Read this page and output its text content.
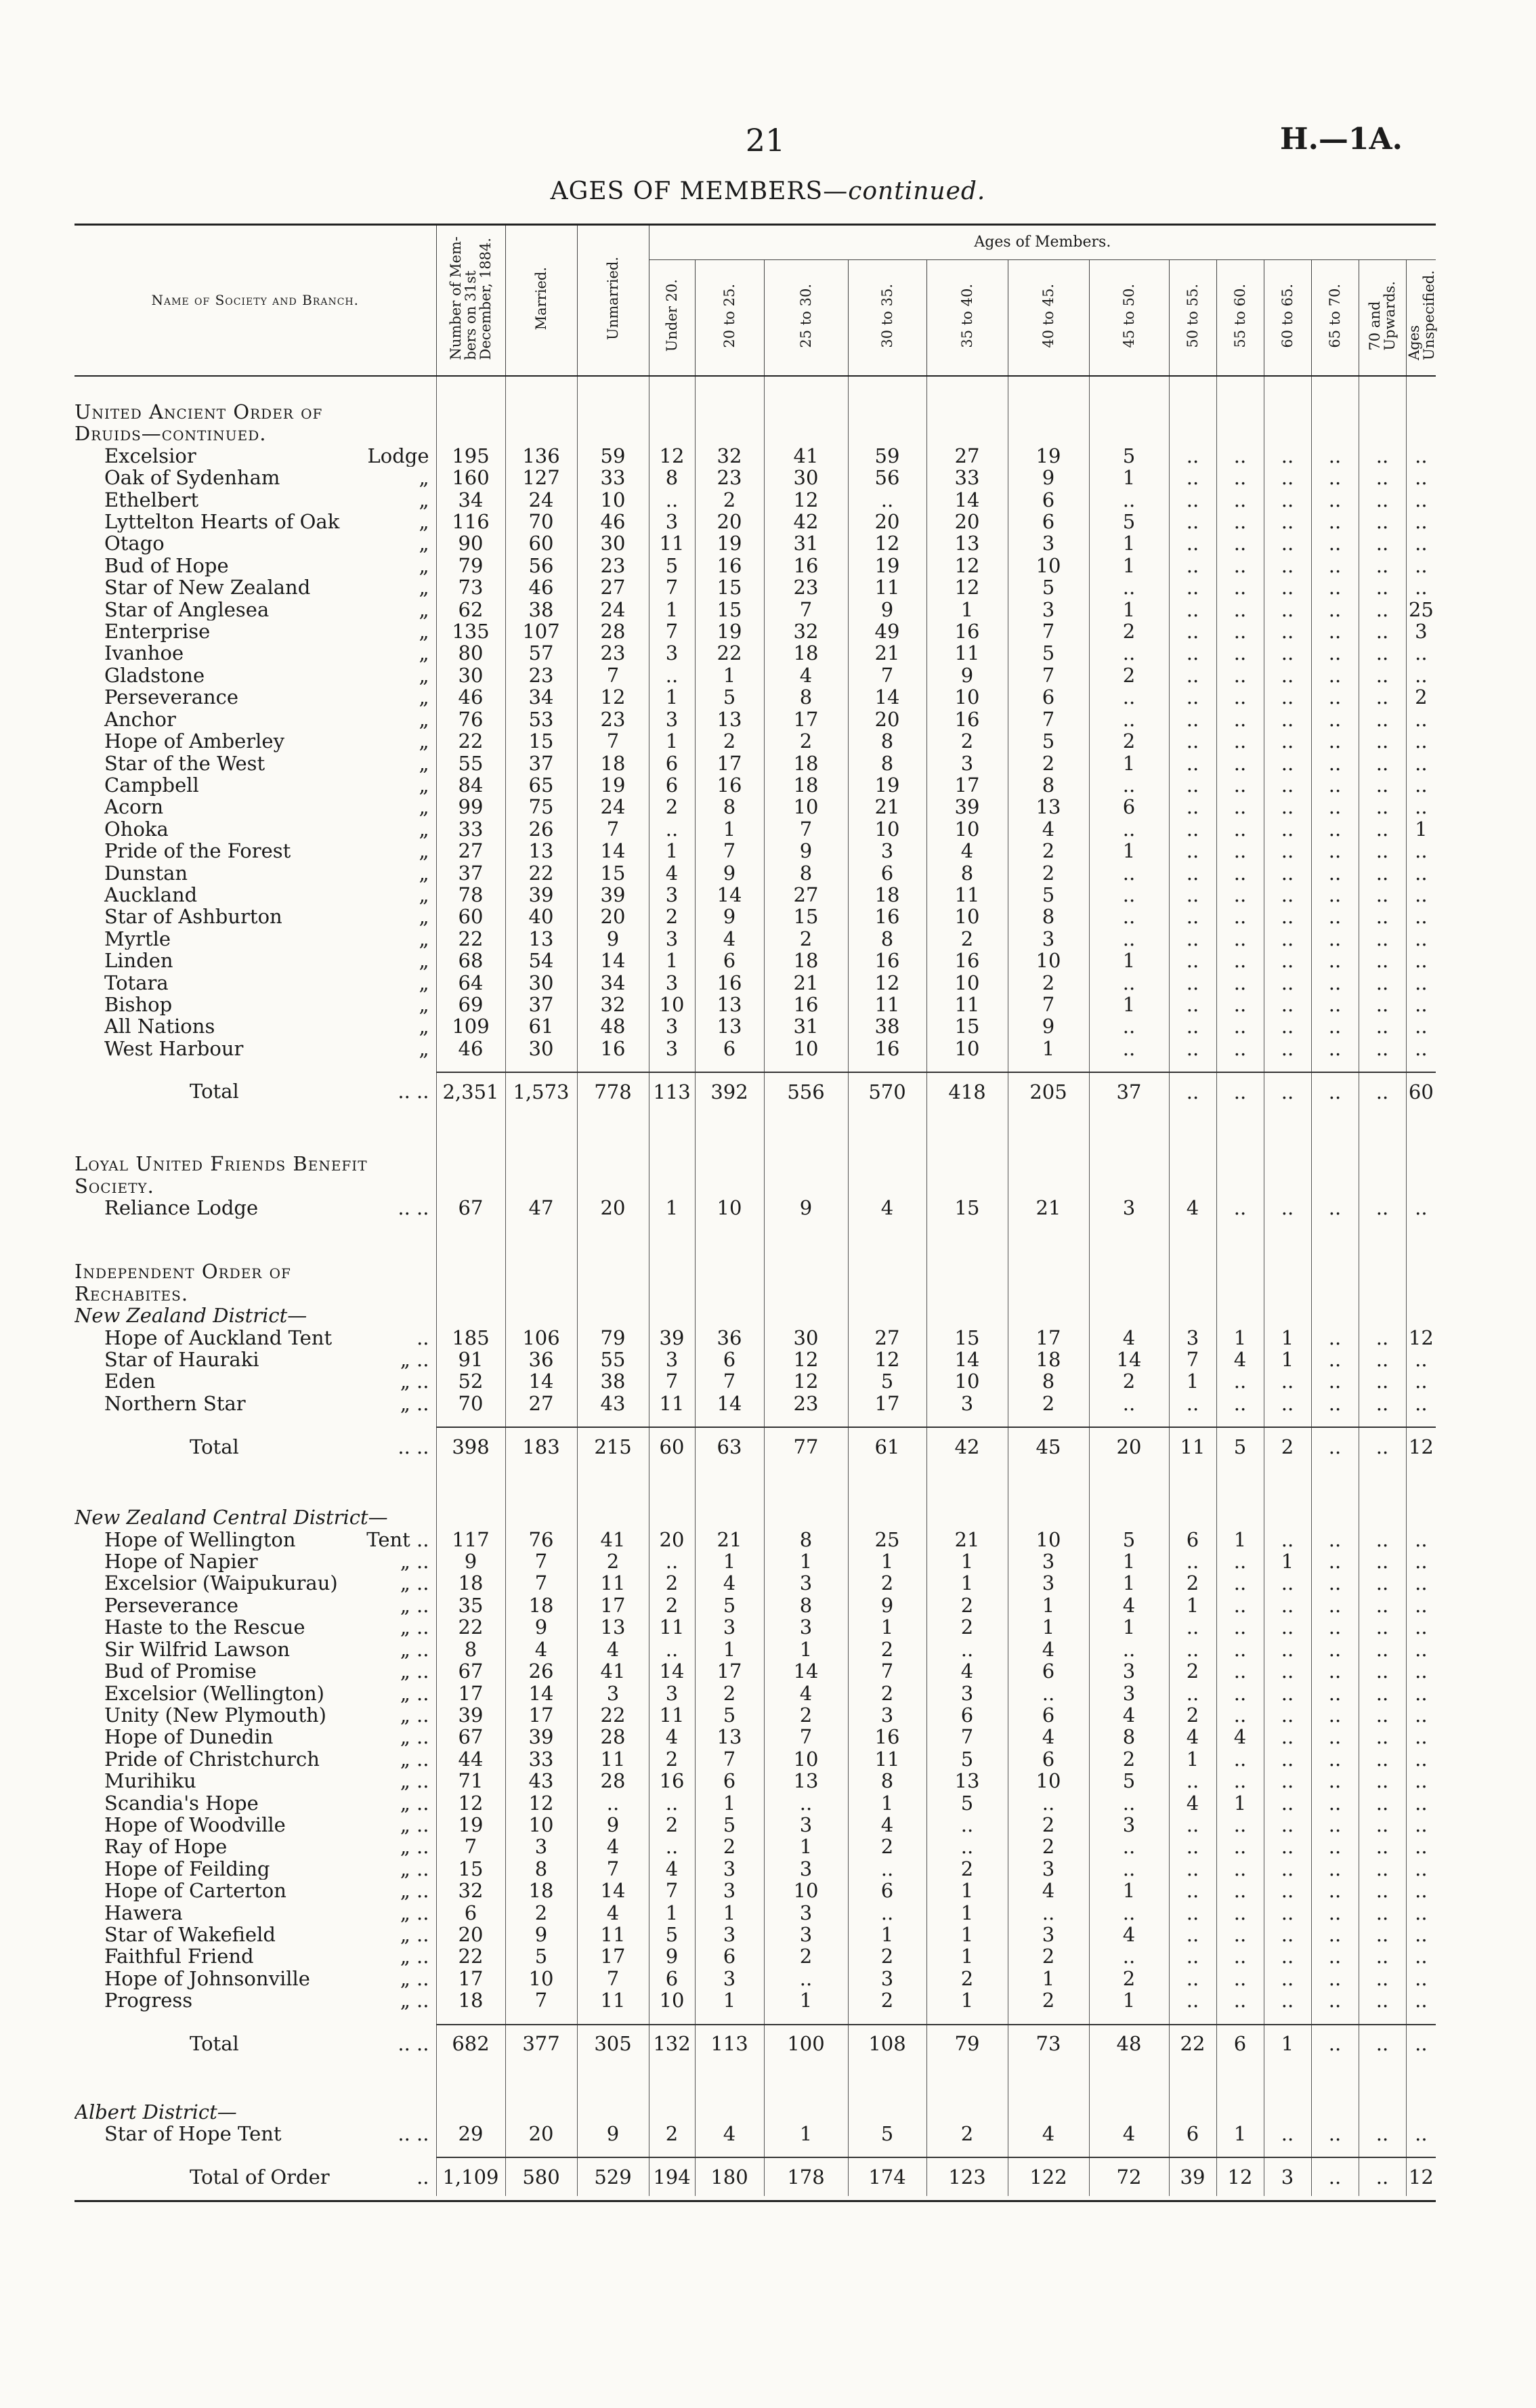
21	H.—1A.
AGES OF MEMBERS—continued.
Name of Society and Branch.	Number of Mem-
bers on 31st
December, 1884.	Married.	Unmarried.	Ages of Members.												
				Under 20.	20 to 25.	25 to 30.	30 to 35.	35 to 40.	40 to 45.	45 to 50.	50 to 55.	55 to 60.	60 to 65.	65 to 70.	70 and
Upwards.	Ages
Unspecified.

United Ancient Order of																
Druids—continued.																

Excelsior Lodge	195	136	59	12	32	41	59	27	19	5	..	..	..	..	..	..

Oak of Sydenham „	160	127	33	8	23	30	56	33	9	1	..	..	..	..	..	..

Ethelbert „	34	24	10	..	2	12	..	14	6	..	..	..	..	..	..	..

Lyttelton Hearts of Oak „	116	70	46	3	20	42	20	20	6	5	..	..	..	..	..	..

Otago „	90	60	30	11	19	31	12	13	3	1	..	..	..	..	..	..

Bud of Hope „	79	56	23	5	16	16	19	12	10	1	..	..	..	..	..	..

Star of New Zealand „	73	46	27	7	15	23	11	12	5	..	..	..	..	..	..	..

Star of Anglesea „	62	38	24	1	15	7	9	1	3	1	..	..	..	..	..	25

Enterprise „	135	107	28	7	19	32	49	16	7	2	..	..	..	..	..	3

Ivanhoe „	80	57	23	3	22	18	21	11	5	..	..	..	..	..	..	..

Gladstone „	30	23	7	..	1	4	7	9	7	2	..	..	..	..	..	..

Perseverance „	46	34	12	1	5	8	14	10	6	..	..	..	..	..	..	2

Anchor „	76	53	23	3	13	17	20	16	7	..	..	..	..	..	..	..

Hope of Amberley „	22	15	7	1	2	2	8	2	5	2	..	..	..	..	..	..

Star of the West „	55	37	18	6	17	18	8	3	2	1	..	..	..	..	..	..

Campbell „	84	65	19	6	16	18	19	17	8	..	..	..	..	..	..	..

Acorn „	99	75	24	2	8	10	21	39	13	6	..	..	..	..	..	..

Ohoka „	33	26	7	..	1	7	10	10	4	..	..	..	..	..	..	1

Pride of the Forest „	27	13	14	1	7	9	3	4	2	1	..	..	..	..	..	..

Dunstan „	37	22	15	4	9	8	6	8	2	..	..	..	..	..	..	..

Auckland „	78	39	39	3	14	27	18	11	5	..	..	..	..	..	..	..

Star of Ashburton „	60	40	20	2	9	15	16	10	8	..	..	..	..	..	..	..

Myrtle „	22	13	9	3	4	2	8	2	3	..	..	..	..	..	..	..

Linden „	68	54	14	1	6	18	16	16	10	1	..	..	..	..	..	..

Totara „	64	30	34	3	16	21	12	10	2	..	..	..	..	..	..	..

Bishop „	69	37	32	10	13	16	11	11	7	1	..	..	..	..	..	..

All Nations „	109	61	48	3	13	31	38	15	9	..	..	..	..	..	..	..

West Harbour „	46	30	16	3	6	10	16	10	1	..	..	..	..	..	..	..

Total .. ..	2,351	1,573	778	113	392	556	570	418	205	37	..	..	..	..	..	60

Loyal United Friends Benefit																
Society.																

Reliance Lodge .. ..	67	47	20	1	10	9	4	15	21	3	4	..	..	..	..	..

Independent Order of																
Rechabites.																
New Zealand District—																

Hope of Auckland Tent ..	185	106	79	39	36	30	27	15	17	4	3	1	1	..	..	12

Star of Hauraki „ ..	91	36	55	3	6	12	12	14	18	14	7	4	1	..	..	..

Eden „ ..	52	14	38	7	7	12	5	10	8	2	1	..	..	..	..	..

Northern Star „ ..	70	27	43	11	14	23	17	3	2	..	..	..	..	..	..	..

Total .. ..	398	183	215	60	63	77	61	42	45	20	11	5	2	..	..	12

New Zealand Central District—																

Hope of Wellington Tent ..	117	76	41	20	21	8	25	21	10	5	6	1	..	..	..	..

Hope of Napier „ ..	9	7	2	..	1	1	1	1	3	1	..	..	1	..	..	..

Excelsior (Waipukurau) „ ..	18	7	11	2	4	3	2	1	3	1	2	..	..	..	..	..

Perseverance „ ..	35	18	17	2	5	8	9	2	1	4	1	..	..	..	..	..

Haste to the Rescue „ ..	22	9	13	11	3	3	1	2	1	1	..	..	..	..	..	..

Sir Wilfrid Lawson „ ..	8	4	4	..	1	1	2	..	4	..	..	..	..	..	..	..

Bud of Promise „ ..	67	26	41	14	17	14	7	4	6	3	2	..	..	..	..	..

Excelsior (Wellington) „ ..	17	14	3	3	2	4	2	3	..	3	..	..	..	..	..	..

Unity (New Plymouth) „ ..	39	17	22	11	5	2	3	6	6	4	2	..	..	..	..	..

Hope of Dunedin „ ..	67	39	28	4	13	7	16	7	4	8	4	4	..	..	..	..

Pride of Christchurch „ ..	44	33	11	2	7	10	11	5	6	2	1	..	..	..	..	..

Murihiku „ ..	71	43	28	16	6	13	8	13	10	5	..	..	..	..	..	..

Scandia's Hope „ ..	12	12	..	..	1	..	1	5	..	..	4	1	..	..	..	..

Hope of Woodville „ ..	19	10	9	2	5	3	4	..	2	3	..	..	..	..	..	..

Ray of Hope „ ..	7	3	4	..	2	1	2	..	2	..	..	..	..	..	..	..

Hope of Feilding „ ..	15	8	7	4	3	3	..	2	3	..	..	..	..	..	..	..

Hope of Carterton „ ..	32	18	14	7	3	10	6	1	4	1	..	..	..	..	..	..

Hawera „ ..	6	2	4	1	1	3	..	1	..	..	..	..	..	..	..	..

Star of Wakefield „ ..	20	9	11	5	3	3	1	1	3	4	..	..	..	..	..	..

Faithful Friend „ ..	22	5	17	9	6	2	2	1	2	..	..	..	..	..	..	..

Hope of Johnsonville „ ..	17	10	7	6	3	..	3	2	1	2	..	..	..	..	..	..

Progress „ ..	18	7	11	10	1	1	2	1	2	1	..	..	..	..	..	..

Total .. ..	682	377	305	132	113	100	108	79	73	48	22	6	1	..	..	..

Albert District—																

Star of Hope Tent .. ..	29	20	9	2	4	1	5	2	4	4	6	1	..	..	..	..

Total of Order ..	1,109	580	529	194	180	178	174	123	122	72	39	12	3	..	..	12
